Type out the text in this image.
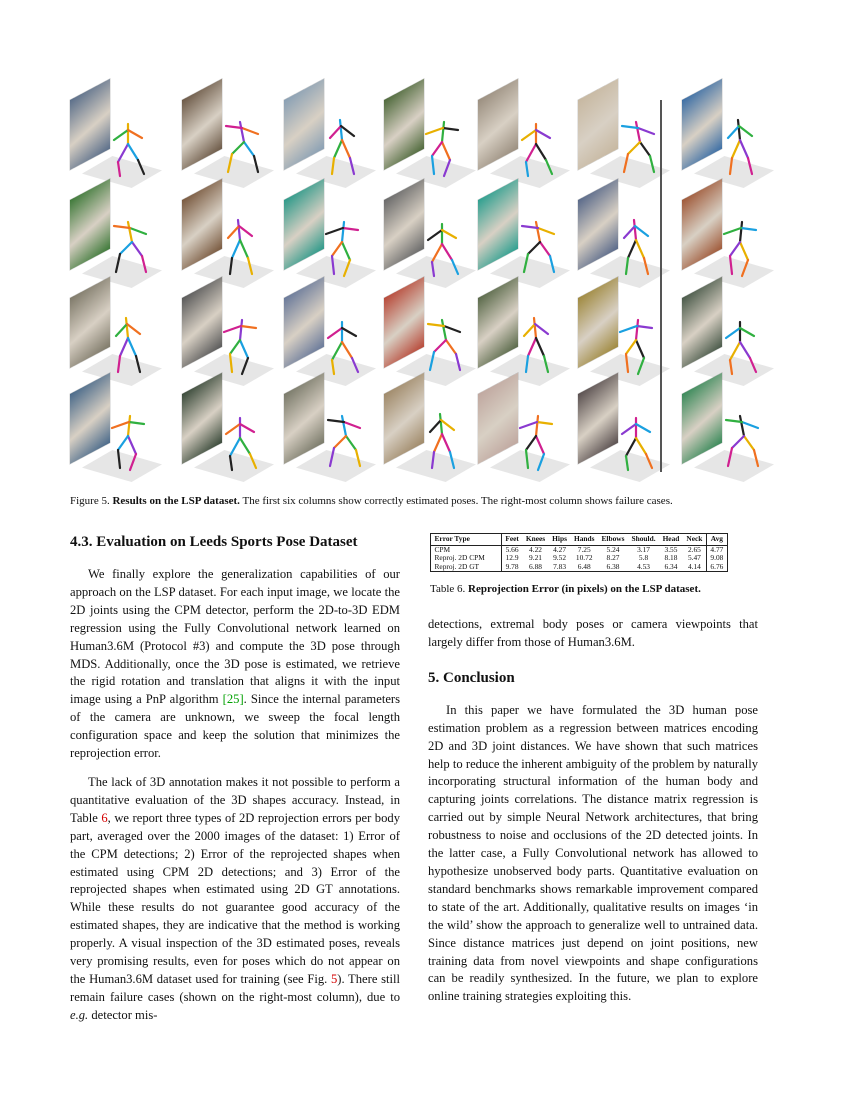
Figure 5. Results on the LSP dataset. The first six columns show correctly estimated poses. The right-most column shows failure cases.
4.3. Evaluation on Leeds Sports Pose Dataset

We finally explore the generalization capabilities of our approach on the LSP dataset. For each input image, we locate the 2D joints using the CPM detector, perform the 2D-to-3D EDM regression using the Fully Convolutional network learned on Human3.6M (Protocol #3) and compute the 3D pose through MDS. Additionally, once the 3D pose is estimated, we retrieve the rigid rotation and translation that aligns it with the input image using a PnP algorithm [25]. Since the internal parameters of the camera are unknown, we sweep the focal length configuration space and keep the solution that minimizes the reprojection error.

The lack of 3D annotation makes it not possible to perform a quantitative evaluation of the 3D shapes accuracy. Instead, in Table 6, we report three types of 2D reprojection errors per body part, averaged over the 2000 images of the dataset: 1) Error of the CPM detections; 2) Error of the reprojected shapes when estimated using CPM 2D detections; and 3) Error of the reprojected shapes when estimated using 2D GT annotations. While these results do not guarantee good accuracy of the estimated shapes, they are indicative that the method is working properly. A visual inspection of the 3D estimated poses, reveals very promising results, even for poses which do not appear on the Human3.6M dataset used for training (see Fig. 5). There still remain failure cases (shown on the right-most column), due to e.g. detector mis-

Error Type	Feet	Knees	Hips	Hands	Elbows	Should.	Head	Neck	Avg
CPM	5.66	4.22	4.27	7.25	5.24	3.17	3.55	2.65	4.77
Reproj. 2D CPM	12.9	9.21	9.52	10.72	8.27	5.8	8.18	5.47	9.08
Reproj. 2D GT	9.78	6.88	7.83	6.48	6.38	4.53	6.34	4.14	6.76
Table 6. Reprojection Error (in pixels) on the LSP dataset.

detections, extremal body poses or camera viewpoints that largely differ from those of Human3.6M.

5. Conclusion

In this paper we have formulated the 3D human pose estimation problem as a regression between matrices encoding 2D and 3D joint distances. We have shown that such matrices help to reduce the inherent ambiguity of the problem by naturally incorporating structural information of the human body and capturing joints correlations. The distance matrix regression is carried out by simple Neural Network architectures, that bring robustness to noise and occlusions of the 2D detected joints. In the latter case, a Fully Convolutional network has allowed to hypothesize unobserved body parts. Quantitative evaluation on standard benchmarks shows remarkable improvement compared to state of the art. Additionally, qualitative results on images ‘in the wild’ show the approach to generalize well to untrained data. Since distance matrices just depend on joint positions, new training data from novel viewpoints and shape configurations can be readily synthesized. In the future, we plan to explore online training strategies exploiting this.
